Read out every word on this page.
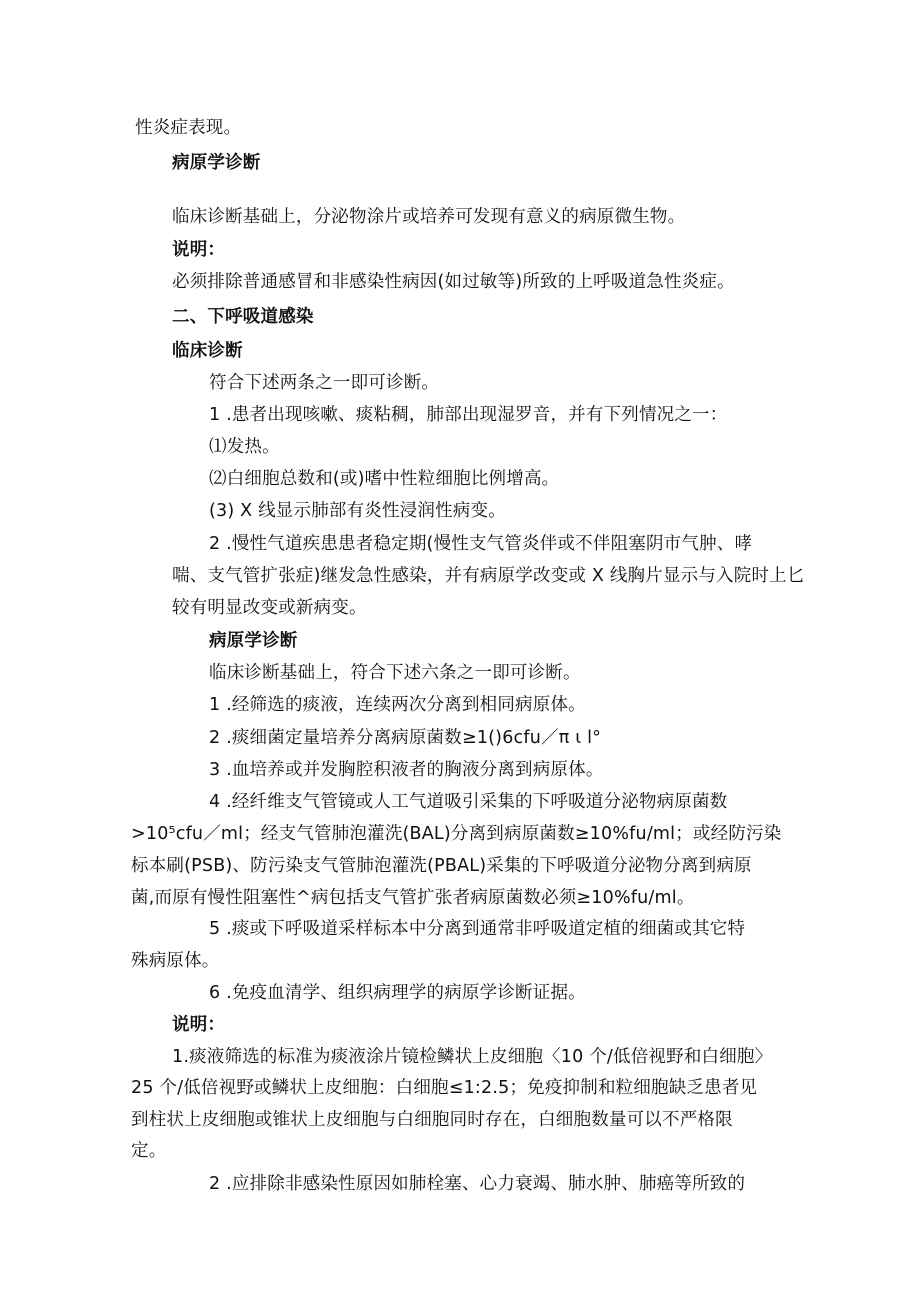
性炎症表现。
病原学诊断
临床诊断基础上，分泌物涂片或培养可发现有意义的病原微生物。
说明：
必须排除普通感冒和非感染性病因(如过敏等)所致的上呼吸道急性炎症。
二、下呼吸道感染
临床诊断
符合下述两条之一即可诊断。
1 .患者出现咳嗽、痰粘稠，肺部出现湿罗音，并有下列情况之一：
⑴发热。
⑵白细胞总数和(或)嗜中性粒细胞比例增高。
(3) X 线显示肺部有炎性浸润性病变。
2 .慢性气道疾患患者稳定期(慢性支气管炎伴或不伴阻塞阴市气肿、哮
喘、支气管扩张症)继发急性感染，并有病原学改变或 X 线胸片显示与入院时上匕
较有明显改变或新病变。
病原学诊断
临床诊断基础上，符合下述六条之一即可诊断。
1 .经筛选的痰液，连续两次分离到相同病原体。
2 .痰细菌定量培养分离病原菌数≥1()6cfu／π ι l°
3 .血培养或并发胸腔积液者的胸液分离到病原体。
4 .经纤维支气管镜或人工气道吸引采集的下呼吸道分泌物病原菌数
>10⁵cfu／ml；经支气管肺泡灌洗(BAL)分离到病原菌数≥10%fu/ml；或经防污染
标本刷(PSB)、防污染支气管肺泡灌洗(PBAL)采集的下呼吸道分泌物分离到病原
菌,而原有慢性阻塞性^病包括支气管扩张者病原菌数必须≥10%fu/ml。
5 .痰或下呼吸道采样标本中分离到通常非呼吸道定植的细菌或其它特
殊病原体。
6 .免疫血清学、组织病理学的病原学诊断证据。
说明：
1.痰液筛选的标准为痰液涂片镜检鳞状上皮细胞〈10 个/低倍视野和白细胞〉
25 个/低倍视野或鳞状上皮细胞：白细胞≤1:2.5；免疫抑制和粒细胞缺乏患者见
到柱状上皮细胞或锥状上皮细胞与白细胞同时存在，白细胞数量可以不严格限
定。
2 .应排除非感染性原因如肺栓塞、心力衰竭、肺水肿、肺癌等所致的
